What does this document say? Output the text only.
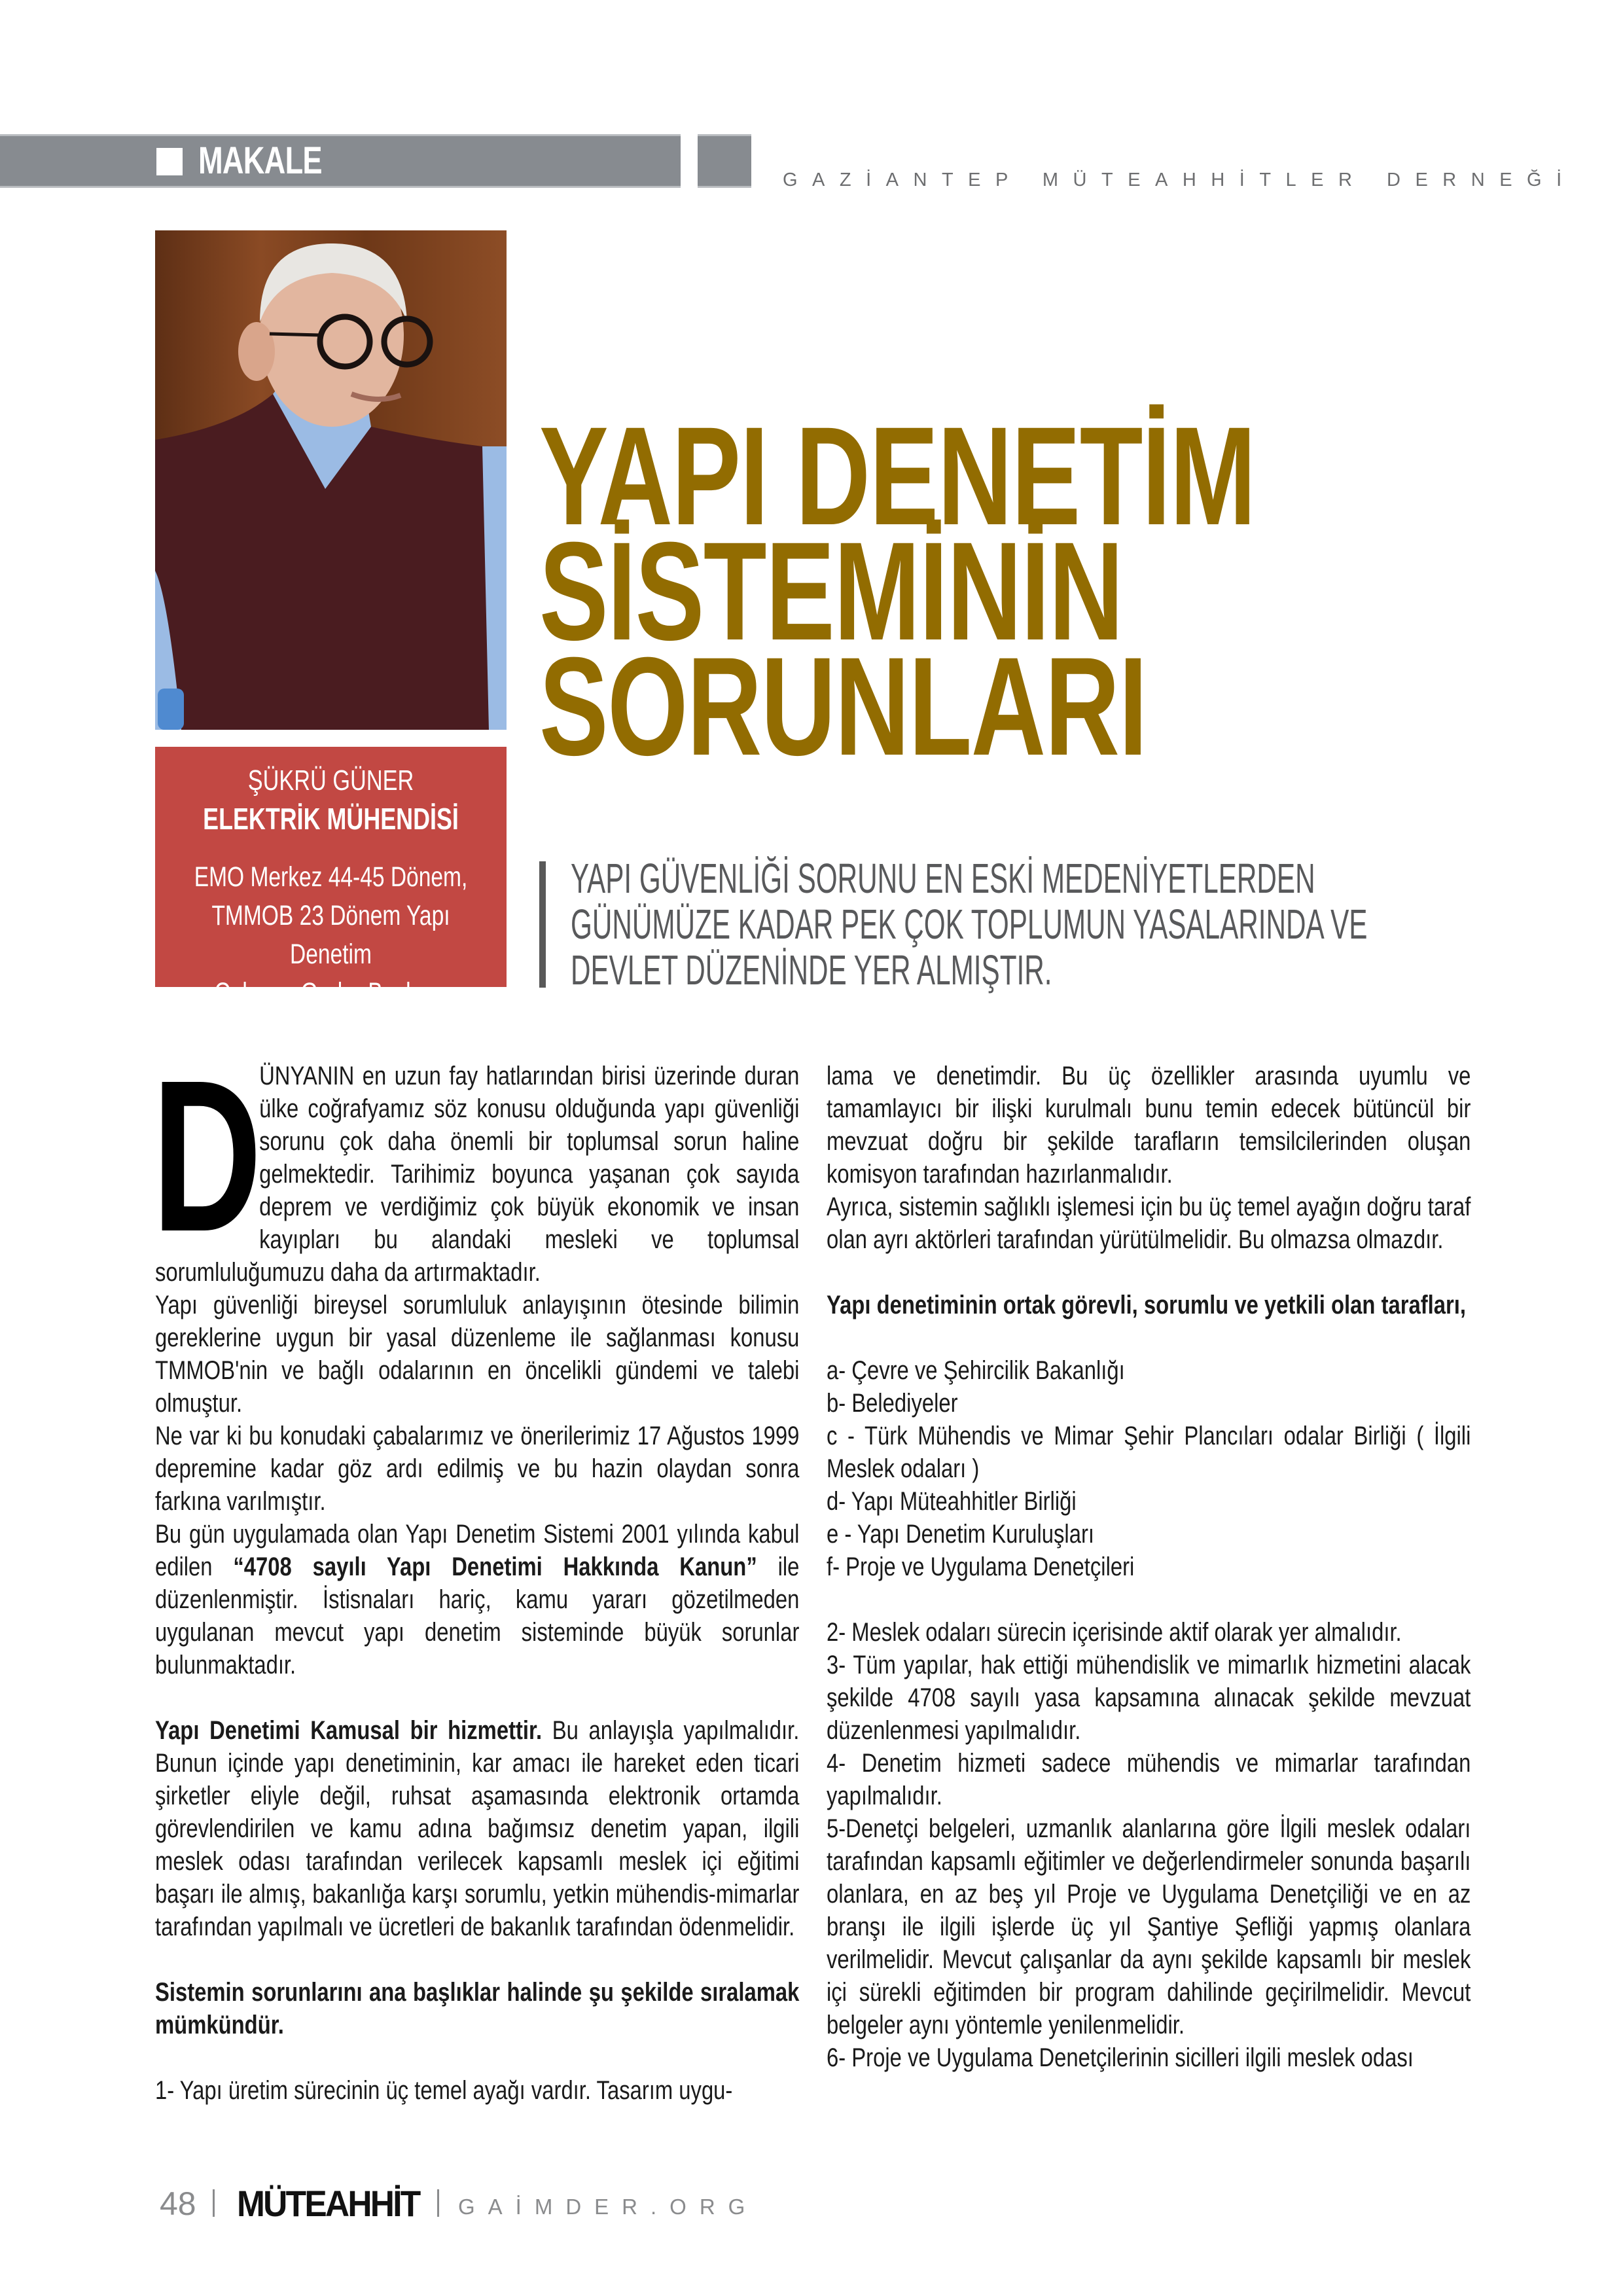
MAKALE	GAZİANTEP MÜTEAHHİTLER DERNEĞİ
ŞÜKRÜ GÜNER
ELEKTRİK MÜHENDİSİ
EMO Merkez 44-45 Dönem,
TMMOB 23 Dönem Yapı Denetim
Çalışma Grubu Başkanı
YAPI DENETİM
SİSTEMİNİN
SORUNLARI
YAPI GÜVENLİĞİ SORUNU EN ESKİ MEDENİYETLERDEN
GÜNÜMÜZE KADAR PEK ÇOK TOPLUMUN YASALARINDA VE
DEVLET DÜZENİNDE YER ALMIŞTIR.
D

ÜNYANIN en uzun fay hatlarından birisi üzerinde duran ülke coğrafyamız söz konusu olduğunda yapı güvenliği sorunu çok daha önemli bir toplumsal sorun haline gelmektedir. Tarihimiz boyunca yaşanan çok sayıda deprem ve verdiğimiz çok büyük ekonomik ve insan kayıpları bu alandaki mesleki ve toplumsal sorumluluğumuzu daha da artırmaktadır.

Yapı güvenliği bireysel sorumluluk anlayışının ötesinde bilimin gereklerine uygun bir yasal düzenleme ile sağlanması konusu TMMOB'nin ve bağlı odalarının en öncelikli gündemi ve talebi olmuştur.

Ne var ki bu konudaki çabalarımız ve önerilerimiz 17 Ağustos 1999 depremine kadar göz ardı edilmiş ve bu hazin olaydan sonra farkına varılmıştır.

Bu gün uygulamada olan Yapı Denetim Sistemi 2001 yılında kabul edilen “4708 sayılı Yapı Denetimi Hakkında Kanun” ile düzenlenmiştir. İstisnaları hariç, kamu yararı gözetilmeden uygulanan mevcut yapı denetim sisteminde büyük sorunlar bulunmaktadır.

Yapı Denetimi Kamusal bir hizmettir. Bu anlayışla yapılmalıdır. Bunun içinde yapı denetiminin, kar amacı ile hareket eden ticari şirketler eliyle değil, ruhsat aşamasında elektronik ortamda görevlendirilen ve kamu adına bağımsız denetim yapan, ilgili meslek odası tarafından verilecek kapsamlı meslek içi eğitimi başarı ile almış, bakanlığa karşı sorumlu, yetkin mühendis-mimarlar tarafından yapılmalı ve ücretleri de bakanlık tarafından ödenmelidir.

Sistemin sorunlarını ana başlıklar halinde şu şekilde sıralamak mümkündür.

1- Yapı üretim sürecinin üç temel ayağı vardır. Tasarım uygu-

lama ve denetimdir. Bu üç özellikler arasında uyumlu ve tamamlayıcı bir ilişki kurulmalı bunu temin edecek bütüncül bir mevzuat doğru bir şekilde tarafların temsilcilerinden oluşan komisyon tarafından hazırlanmalıdır.

Ayrıca, sistemin sağlıklı işlemesi için bu üç temel ayağın doğru taraf olan ayrı aktörleri tarafından yürütülmelidir. Bu olmazsa olmazdır.

Yapı denetiminin ortak görevli, sorumlu ve yetkili olan tarafları,

a- Çevre ve Şehircilik Bakanlığı

b- Belediyeler

c - Türk Mühendis ve Mimar Şehir Plancıları odalar Birliği ( İlgili Meslek odaları )

d- Yapı Müteahhitler Birliği

e - Yapı Denetim Kuruluşları

f- Proje ve Uygulama Denetçileri

2- Meslek odaları sürecin içerisinde aktif olarak yer almalıdır.

3- Tüm yapılar, hak ettiği mühendislik ve mimarlık hizmetini alacak şekilde 4708 sayılı yasa kapsamına alınacak şekilde mevzuat düzenlenmesi yapılmalıdır.

4- Denetim hizmeti sadece mühendis ve mimarlar tarafından yapılmalıdır.

5-Denetçi belgeleri, uzmanlık alanlarına göre İlgili meslek odaları tarafından kapsamlı eğitimler ve değerlendirmeler sonunda başarılı olanlara, en az beş yıl Proje ve Uygulama Denetçiliği ve en az branşı ile ilgili işlerde üç yıl Şantiye Şefliği yapmış olanlara verilmelidir. Mevcut çalışanlar da aynı şekilde kapsamlı bir meslek içi sürekli eğitimden bir program dahilinde geçirilmelidir. Mevcut belgeler aynı yöntemle yenilenmelidir.

6- Proje ve Uygulama Denetçilerinin sicilleri ilgili meslek odası

48 MÜTEAHHİT GAİMDER.ORG
